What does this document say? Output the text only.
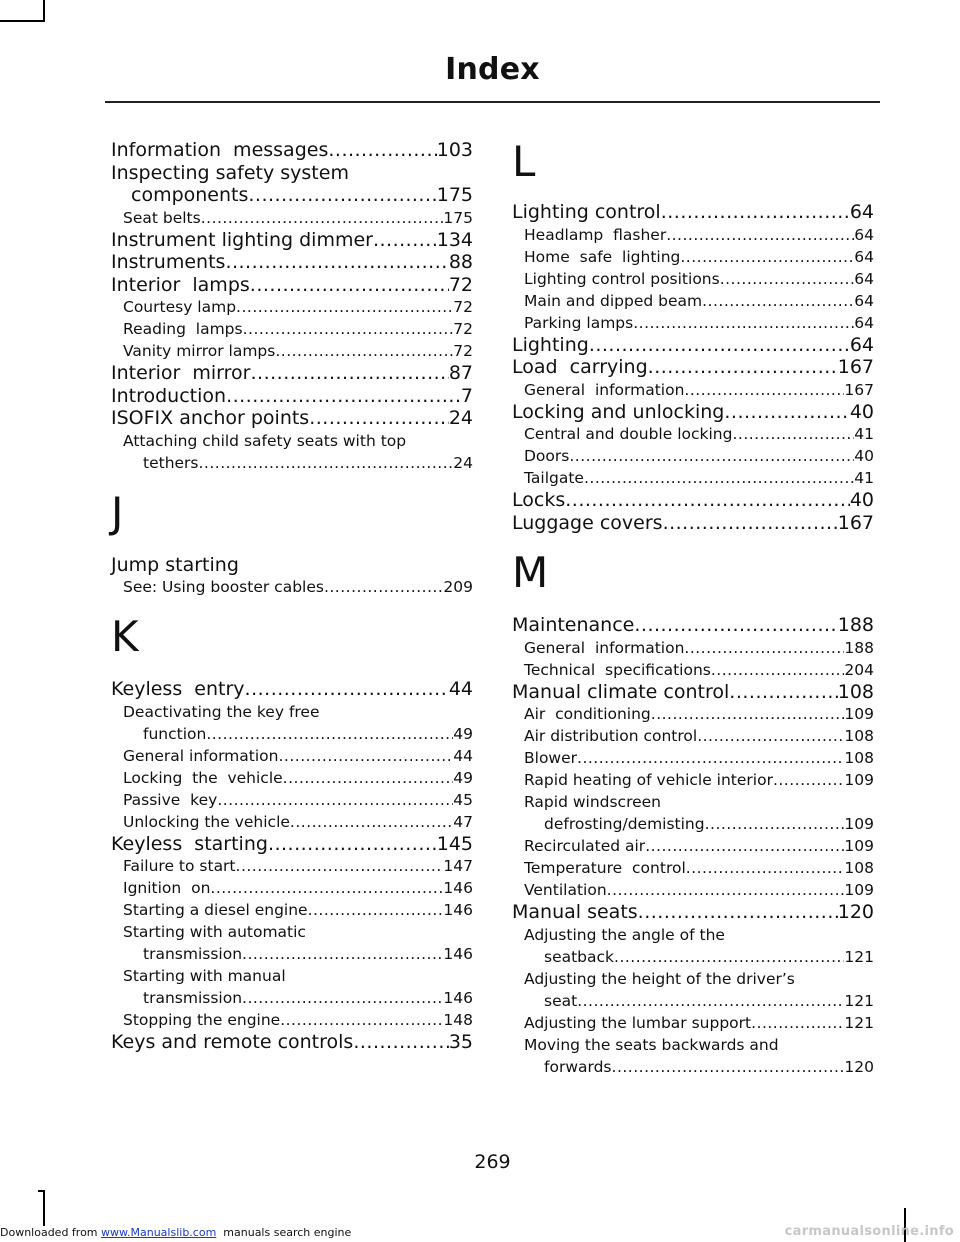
Index
Information  messages .....	103
Inspecting safety system
components .....	175
Seat belts .....	175
Instrument lighting dimmer .....	134
Instruments .....	88
Interior  lamps .....	72
Courtesy lamp .....	72
Reading  lamps .....	72
Vanity mirror lamps .....	72
Interior  mirror .....	87
Introduction .....	7
ISOFIX anchor points .....	24
Attaching child safety seats with top
tethers .....	24
J
Jump starting
See: Using booster cables .....	209
K
Keyless  entry .....	44
Deactivating the key free
function .....	49
General information .....	44
Locking  the  vehicle .....	49
Passive  key .....	45
Unlocking the vehicle .....	47
Keyless  starting .....	145
Failure to start .....	147
Ignition  on .....	146
Starting a diesel engine .....	146
Starting with automatic
transmission .....	146
Starting with manual
transmission .....	146
Stopping the engine .....	148
Keys and remote controls .....	35
L
Lighting control .....	64
Headlamp  flasher .....	64
Home  safe  lighting .....	64
Lighting control positions .....	64
Main and dipped beam .....	64
Parking lamps .....	64
Lighting .....	64
Load  carrying .....	167
General  information .....	167
Locking and unlocking .....	40
Central and double locking .....	41
Doors .....	40
Tailgate .....	41
Locks .....	40
Luggage covers .....	167
M
Maintenance .....	188
General  information .....	188
Technical  specifications .....	204
Manual climate control .....	108
Air  conditioning .....	109
Air distribution control .....	108
Blower .....	108
Rapid heating of vehicle interior .....	109
Rapid windscreen
defrosting/demisting .....	109
Recirculated air .....	109
Temperature  control .....	108
Ventilation .....	109
Manual seats .....	120
Adjusting the angle of the
seatback .....	121
Adjusting the height of the driver’s
seat .....	121
Adjusting the lumbar support .....	121
Moving the seats backwards and
forwards .....	120
269
Downloaded from www.Manualslib.com  manuals search engine	carmanualsonline.info
